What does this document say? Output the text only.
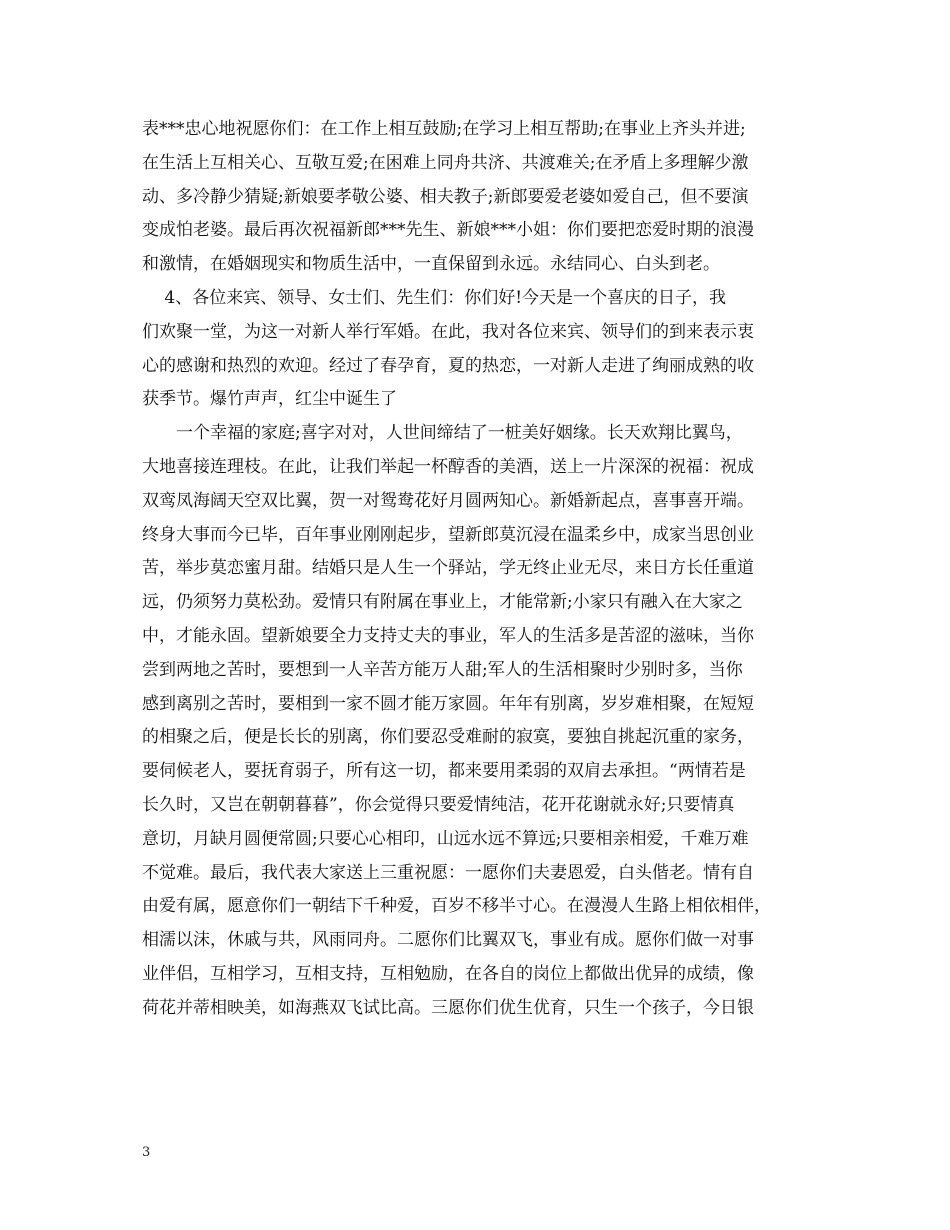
表***忠心地祝愿你们：在工作上相互鼓励;在学习上相互帮助;在事业上齐头并进;
在生活上互相关心、互敬互爱;在困难上同舟共济、共渡难关;在矛盾上多理解少激
动、多冷静少猜疑;新娘要孝敬公婆、相夫教子;新郎要爱老婆如爱自己，但不要演
变成怕老婆。最后再次祝福新郎***先生、新娘***小姐：你们要把恋爱时期的浪漫
和激情，在婚姻现实和物质生活中，一直保留到永远。永结同心、白头到老。
　 4、各位来宾、领导、女士们、先生们：你们好!今天是一个喜庆的日子，我
们欢聚一堂，为这一对新人举行军婚。在此，我对各位来宾、领导们的到来表示衷
心的感谢和热烈的欢迎。经过了春孕育，夏的热恋，一对新人走进了绚丽成熟的收
获季节。爆竹声声，红尘中诞生了
　　一个幸福的家庭;喜字对对，人世间缔结了一桩美好姻缘。长天欢翔比翼鸟，
大地喜接连理枝。在此，让我们举起一杯醇香的美酒，送上一片深深的祝福：祝成
双鸾凤海阔天空双比翼，贺一对鸳鸯花好月圆两知心。新婚新起点，喜事喜开端。
终身大事而今已毕，百年事业刚刚起步，望新郎莫沉浸在温柔乡中，成家当思创业
苦，举步莫恋蜜月甜。结婚只是人生一个驿站，学无终止业无尽，来日方长任重道
远，仍须努力莫松劲。爱情只有附属在事业上，才能常新;小家只有融入在大家之
中，才能永固。望新娘要全力支持丈夫的事业，军人的生活多是苦涩的滋味，当你
尝到两地之苦时，要想到一人辛苦方能万人甜;军人的生活相聚时少别时多，当你
感到离别之苦时，要相到一家不圆才能万家圆。年年有别离，岁岁难相聚，在短短
的相聚之后，便是长长的别离，你们要忍受难耐的寂寞，要独自挑起沉重的家务，
要伺候老人，要抚育弱子，所有这一切，都来要用柔弱的双肩去承担。“两情若是
长久时，又岂在朝朝暮暮”，你会觉得只要爱情纯洁，花开花谢就永好;只要情真
意切，月缺月圆便常圆;只要心心相印，山远水远不算远;只要相亲相爱，千难万难
不觉难。最后，我代表大家送上三重祝愿：一愿你们夫妻恩爱，白头偕老。情有自
由爱有属，愿意你们一朝结下千种爱，百岁不移半寸心。在漫漫人生路上相依相伴，
相濡以沫，休戚与共，风雨同舟。二愿你们比翼双飞，事业有成。愿你们做一对事
业伴侣，互相学习，互相支持，互相勉励，在各自的岗位上都做出优异的成绩，像
荷花并蒂相映美，如海燕双飞试比高。三愿你们优生优育，只生一个孩子，今日银
3
